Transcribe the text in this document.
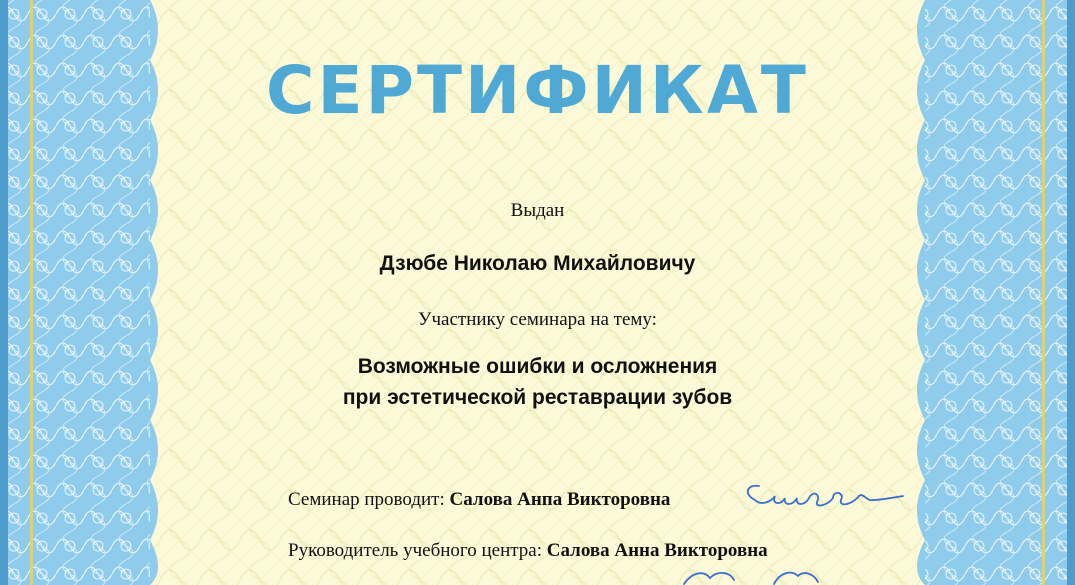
СЕРТИФИКАТ
Выдан
Дзюбе Николаю Михайловичу
Участнику семинара на тему:
Возможные ошибки и осложнения
при эстетической реставрации зубов
Семинар проводит: Салова Анпа Викторовна
Руководитель учебного центра: Салова Анна Викторовна
